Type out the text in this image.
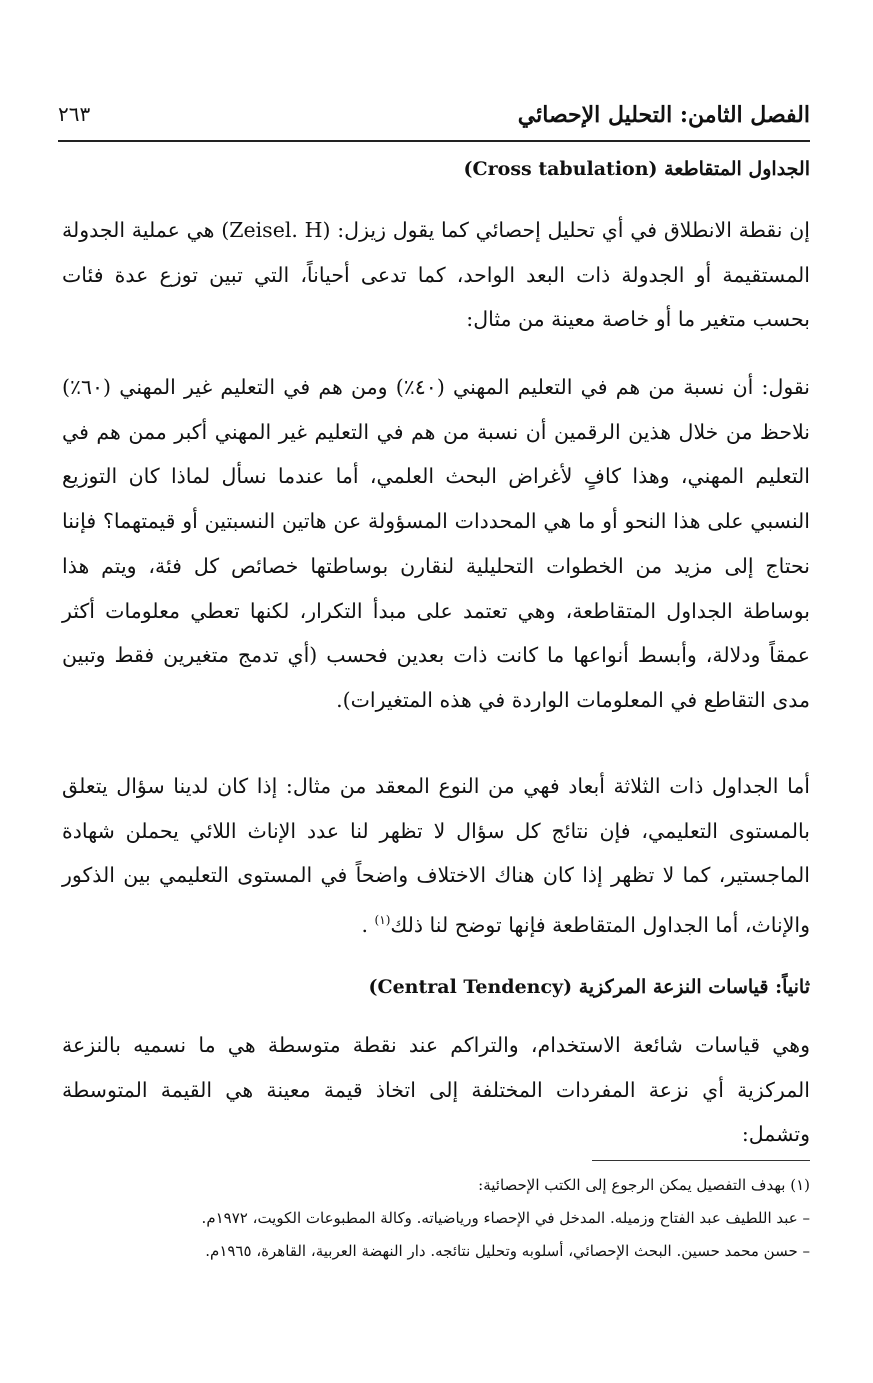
الفصل الثامن: التحليل الإحصائي
٢٦٣
الجداول المتقاطعة (Cross tabulation)

إن نقطة الانطلاق في أي تحليل إحصائي كما يقول زيزل: (Zeisel. H) هي عملية الجدولة المستقيمة أو الجدولة ذات البعد الواحد، كما تدعى أحياناً، التي تبين توزع عدة فئات بحسب متغير ما أو خاصة معينة من مثال:

نقول: أن نسبة من هم في التعليم المهني (٤٠٪) ومن هم في التعليم غير المهني (٦٠٪) نلاحظ من خلال هذين الرقمين أن نسبة من هم في التعليم غير المهني أكبر ممن هم في التعليم المهني، وهذا كافٍ لأغراض البحث العلمي، أما عندما نسأل لماذا كان التوزيع النسبي على هذا النحو أو ما هي المحددات المسؤولة عن هاتين النسبتين أو قيمتهما؟ فإننا نحتاج إلى مزيد من الخطوات التحليلية لنقارن بوساطتها خصائص كل فئة، ويتم هذا بوساطة الجداول المتقاطعة، وهي تعتمد على مبدأ التكرار، لكنها تعطي معلومات أكثر عمقاً ودلالة، وأبسط أنواعها ما كانت ذات بعدين فحسب (أي تدمج متغيرين فقط وتبين مدى التقاطع في المعلومات الواردة في هذه المتغيرات).

أما الجداول ذات الثلاثة أبعاد فهي من النوع المعقد من مثال: إذا كان لدينا سؤال يتعلق بالمستوى التعليمي، فإن نتائج كل سؤال لا تظهر لنا عدد الإناث اللائي يحملن شهادة الماجستير، كما لا تظهر إذا كان هناك الاختلاف واضحاً في المستوى التعليمي بين الذكور والإناث، أما الجداول المتقاطعة فإنها توضح لنا ذلك$^{(١)}$ .

ثانياً: قياسات النزعة المركزية (Central Tendency)

وهي قياسات شائعة الاستخدام، والتراكم عند نقطة متوسطة هي ما نسميه بالنزعة المركزية أي نزعة المفردات المختلفة إلى اتخاذ قيمة معينة هي القيمة المتوسطة وتشمل:

(١) بهدف التفصيل يمكن الرجوع إلى الكتب الإحصائية:
– عبد اللطيف عبد الفتاح وزميله. المدخل في الإحصاء ورياضياته. وكالة المطبوعات الكويت، ١٩٧٢م.
– حسن محمد حسين. البحث الإحصائي، أسلوبه وتحليل نتائجه. دار النهضة العربية، القاهرة، ١٩٦٥م.
